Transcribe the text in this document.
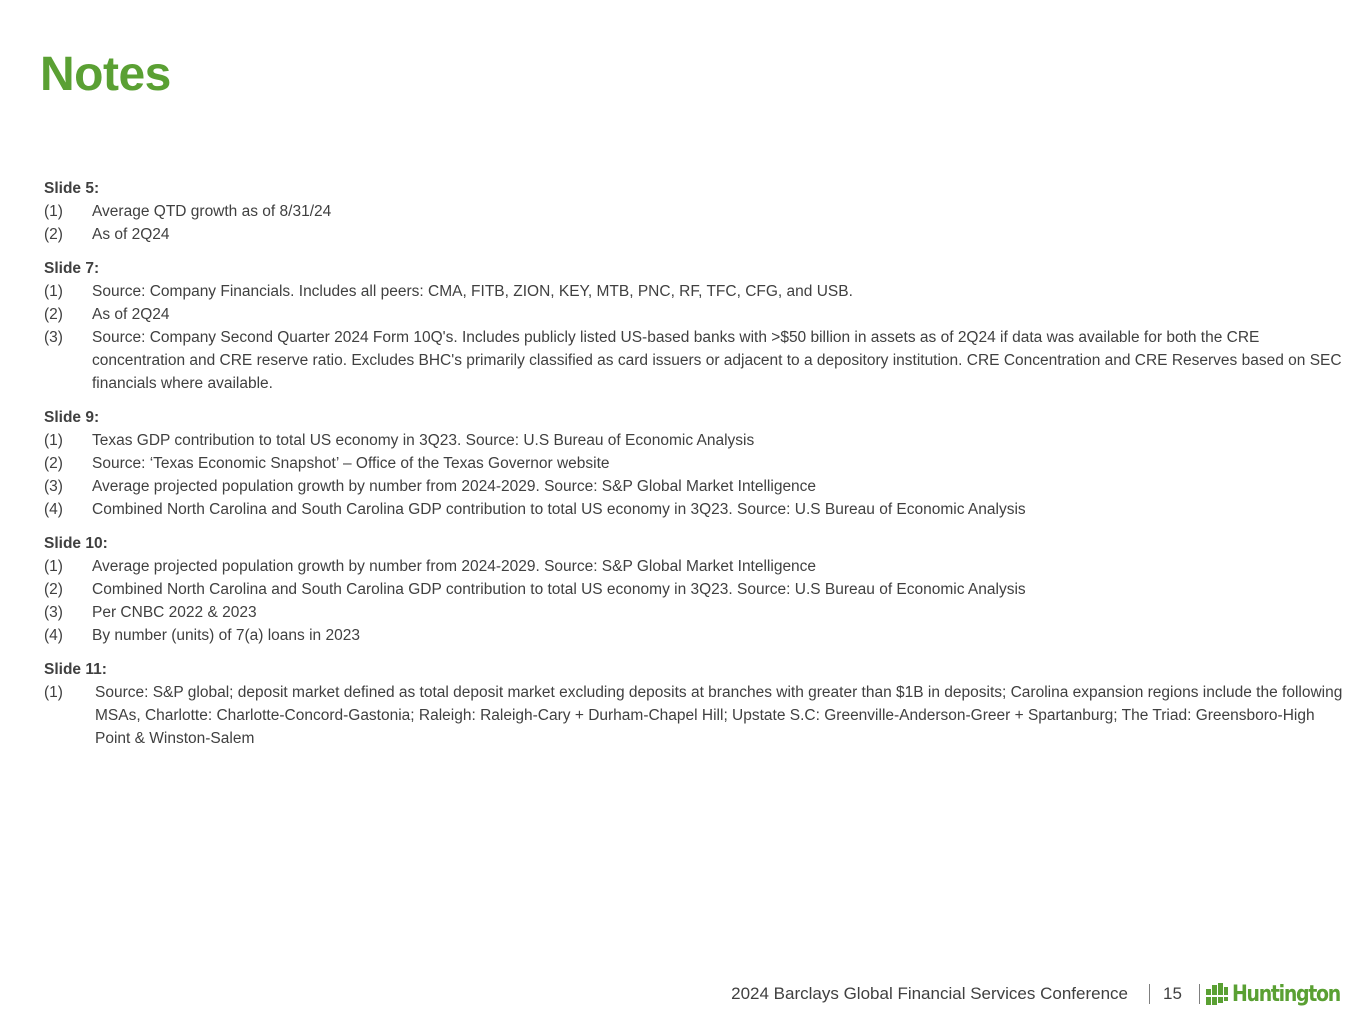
Notes
Slide 5:
(1)	Average QTD growth as of 8/31/24
(2)	As of 2Q24
Slide 7:
(1)	Source: Company Financials. Includes all peers: CMA, FITB, ZION, KEY, MTB, PNC, RF, TFC, CFG, and USB.
(2)	As of 2Q24
(3)	Source: Company Second Quarter 2024 Form 10Q's. Includes publicly listed US-based banks with >$50 billion in assets as of 2Q24 if data was available for both the CRE concentration and CRE reserve ratio. Excludes BHC's primarily classified as card issuers or adjacent to a depository institution. CRE Concentration and CRE Reserves based on SEC financials where available.
Slide 9:
(1)	Texas GDP contribution to total US economy in 3Q23. Source: U.S Bureau of Economic Analysis
(2)	Source: ‘Texas Economic Snapshot’ – Office of the Texas Governor website
(3)	Average projected population growth by number from 2024-2029. Source: S&P Global Market Intelligence
(4)	Combined North Carolina and South Carolina GDP contribution to total US economy in 3Q23. Source: U.S Bureau of Economic Analysis
Slide 10:
(1)	Average projected population growth by number from 2024-2029. Source: S&P Global Market Intelligence
(2)	Combined North Carolina and South Carolina GDP contribution to total US economy in 3Q23. Source: U.S Bureau of Economic Analysis
(3)	Per CNBC 2022 & 2023
(4)	By number (units) of 7(a) loans in 2023
Slide 11:
(1)	Source: S&P global; deposit market defined as total deposit market excluding deposits at branches with greater than $1B in deposits; Carolina expansion regions include the following MSAs, Charlotte: Charlotte-Concord-Gastonia; Raleigh: Raleigh-Cary + Durham-Chapel Hill; Upstate S.C: Greenville-Anderson-Greer + Spartanburg; The Triad: Greensboro-High Point & Winston-Salem
2024 Barclays Global Financial Services Conference 15 Huntington
